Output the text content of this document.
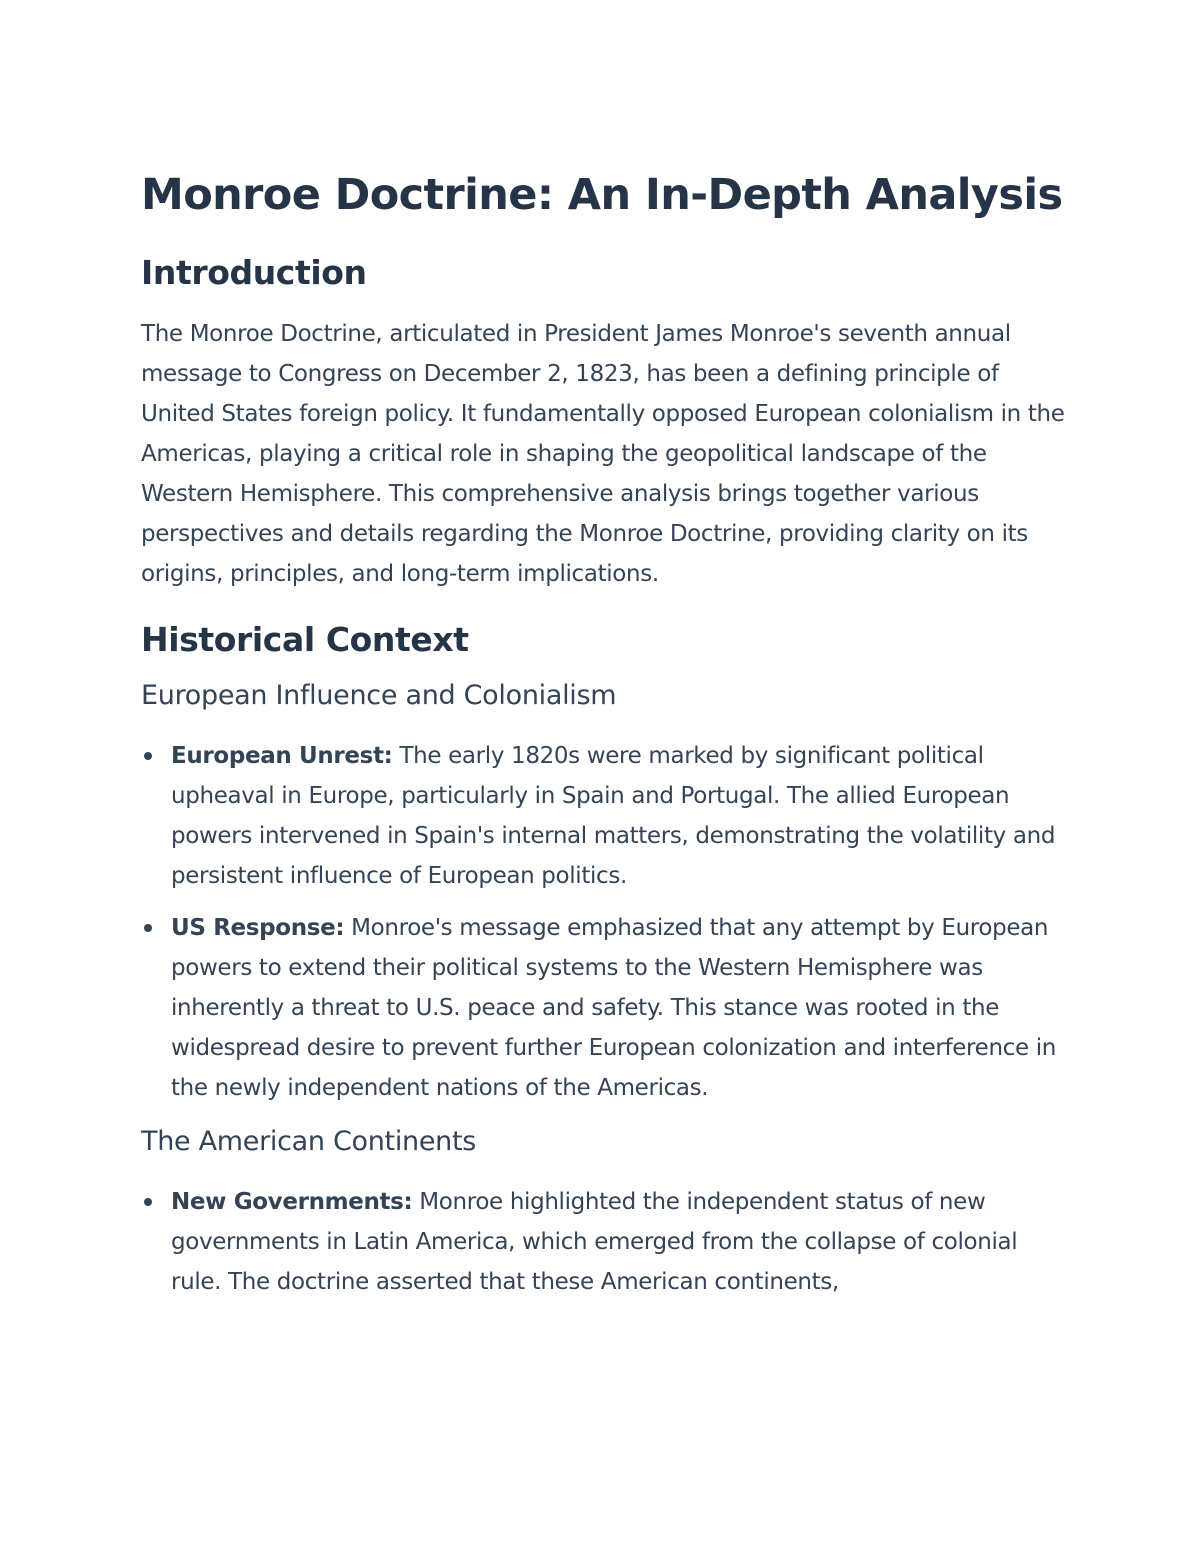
Monroe Doctrine: An In-Depth Analysis
Introduction

The Monroe Doctrine, articulated in President James Monroe's seventh annual message to Congress on December 2, 1823, has been a defining principle of United States foreign policy. It fundamentally opposed European colonialism in the Americas, playing a critical role in shaping the geopolitical landscape of the Western Hemisphere. This comprehensive analysis brings together various perspectives and details regarding the Monroe Doctrine, providing clarity on its origins, principles, and long-term implications.

Historical Context
European Influence and Colonialism
European Unrest: The early 1820s were marked by significant political upheaval in Europe, particularly in Spain and Portugal. The allied European powers intervened in Spain's internal matters, demonstrating the volatility and persistent influence of European politics.
US Response: Monroe's message emphasized that any attempt by European powers to extend their political systems to the Western Hemisphere was inherently a threat to U.S. peace and safety. This stance was rooted in the widespread desire to prevent further European colonization and interference in the newly independent nations of the Americas.
The American Continents
New Governments: Monroe highlighted the independent status of new governments in Latin America, which emerged from the collapse of colonial rule. The doctrine asserted that these American continents,
